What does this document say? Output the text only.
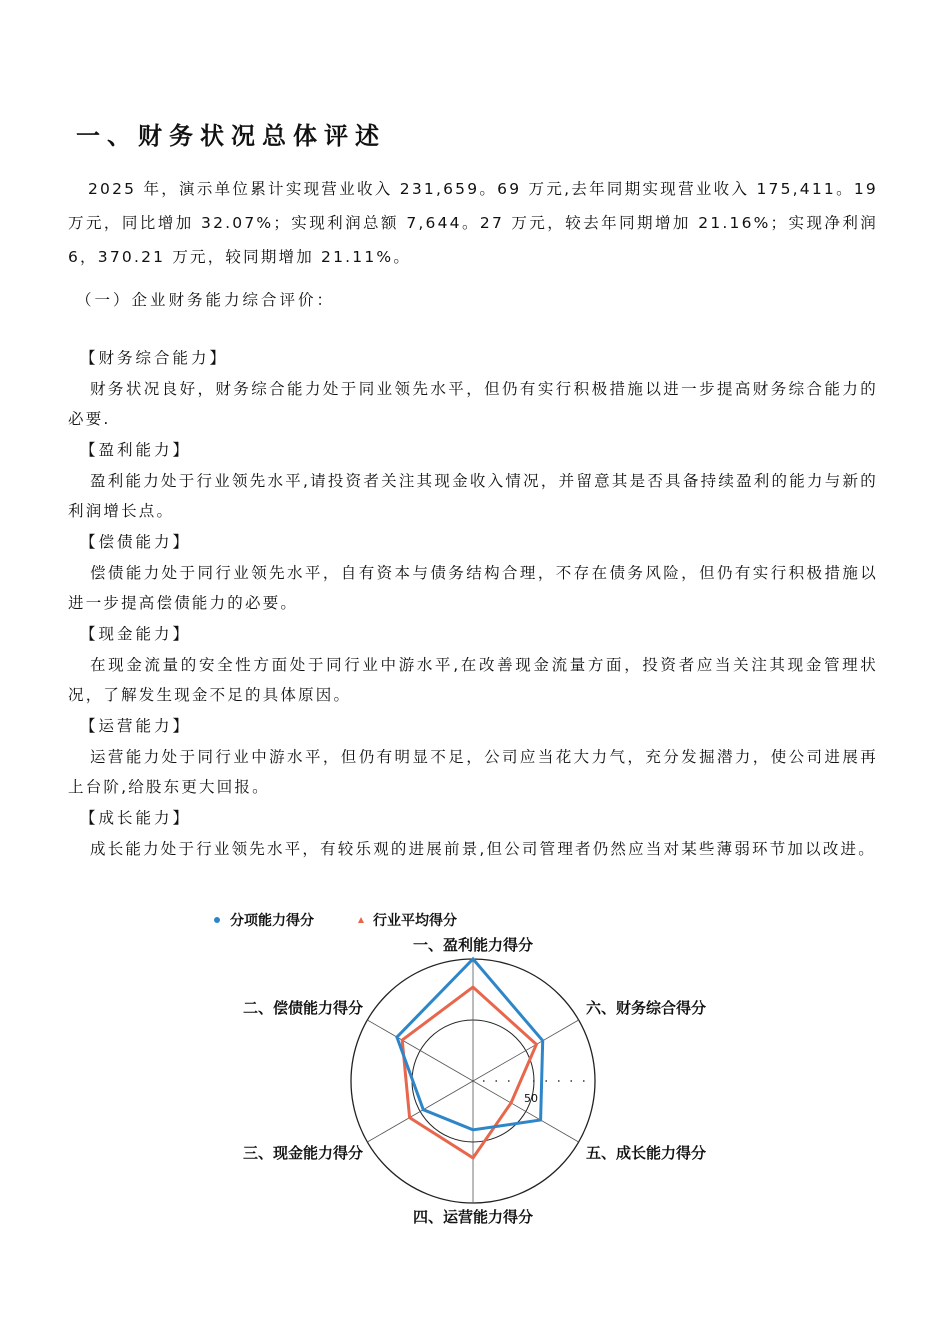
一、财务状况总体评述

2025 年，演示单位累计实现营业收入 231,659。69 万元,去年同期实现营业收入 175,411。19 万元，同比增加 32.07%；实现利润总额 7,644。27 万元，较去年同期增加 21.16%；实现净利润 6，370.21 万元，较同期增加 21.11%。

（一）企业财务能力综合评价：
【财务综合能力】

财务状况良好，财务综合能力处于同业领先水平，但仍有实行积极措施以进一步提高财务综合能力的必要.

【盈利能力】

盈利能力处于行业领先水平,请投资者关注其现金收入情况，并留意其是否具备持续盈利的能力与新的利润增长点。

【偿债能力】

偿债能力处于同行业领先水平，自有资本与债务结构合理，不存在债务风险，但仍有实行积极措施以进一步提高偿债能力的必要。

【现金能力】

在现金流量的安全性方面处于同行业中游水平,在改善现金流量方面，投资者应当关注其现金管理状况，了解发生现金不足的具体原因。

【运营能力】

运营能力处于同行业中游水平，但仍有明显不足，公司应当花大力气，充分发掘潜力，使公司进展再上台阶,给股东更大回报。

【成长能力】

成长能力处于行业领先水平，有较乐观的进展前景,但公司管理者仍然应当对某些薄弱环节加以改进。

50
一、盈利能力得分
六、财务综合得分
五、成长能力得分
四、运营能力得分
三、现金能力得分
二、偿债能力得分
分项能力得分	行业平均得分
